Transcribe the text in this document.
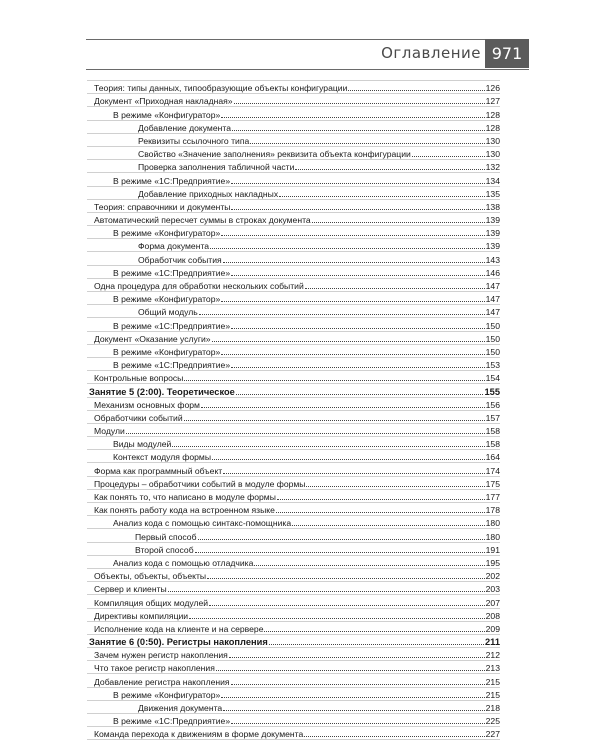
Оглавление 971
Теория: типы данных, типообразующие объекты конфигурации	126
Документ «Приходная накладная»	127
В режиме «Конфигуратор»	128
Добавление документа	128
Реквизиты ссылочного типа	130
Свойство «Значение заполнения» реквизита объекта конфигурации	130
Проверка заполнения табличной части	132
В режиме «1С:Предприятие»	134
Добавление приходных накладных	135
Теория: справочники и документы	138
Автоматический пересчет суммы в строках документа	139
В режиме «Конфигуратор»	139
Форма документа	139
Обработчик события	143
В режиме «1С:Предприятие»	146
Одна процедура для обработки нескольких событий	147
В режиме «Конфигуратор»	147
Общий модуль	147
В режиме «1С:Предприятие»	150
Документ «Оказание услуги»	150
В режиме «Конфигуратор»	150
В режиме «1С:Предприятие»	153
Контрольные вопросы	154
Занятие 5 (2:00). Теоретическое	155
Механизм основных форм	156
Обработчики событий	157
Модули	158
Виды модулей	158
Контекст модуля формы	164
Форма как программный объект	174
Процедуры – обработчики событий в модуле формы	175
Как понять то, что написано в модуле формы	177
Как понять работу кода на встроенном языке	178
Анализ кода с помощью синтакс-помощника	180
Первый способ	180
Второй способ	191
Анализ кода с помощью отладчика	195
Объекты, объекты, объекты	202
Сервер и клиенты	203
Компиляция общих модулей	207
Директивы компиляции	208
Исполнение кода на клиенте и на сервере	209
Занятие 6 (0:50). Регистры накопления	211
Зачем нужен регистр накопления	212
Что такое регистр накопления	213
Добавление регистра накопления	215
В режиме «Конфигуратор»	215
Движения документа	218
В режиме «1С:Предприятие»	225
Команда перехода к движениям в форме документа	227
